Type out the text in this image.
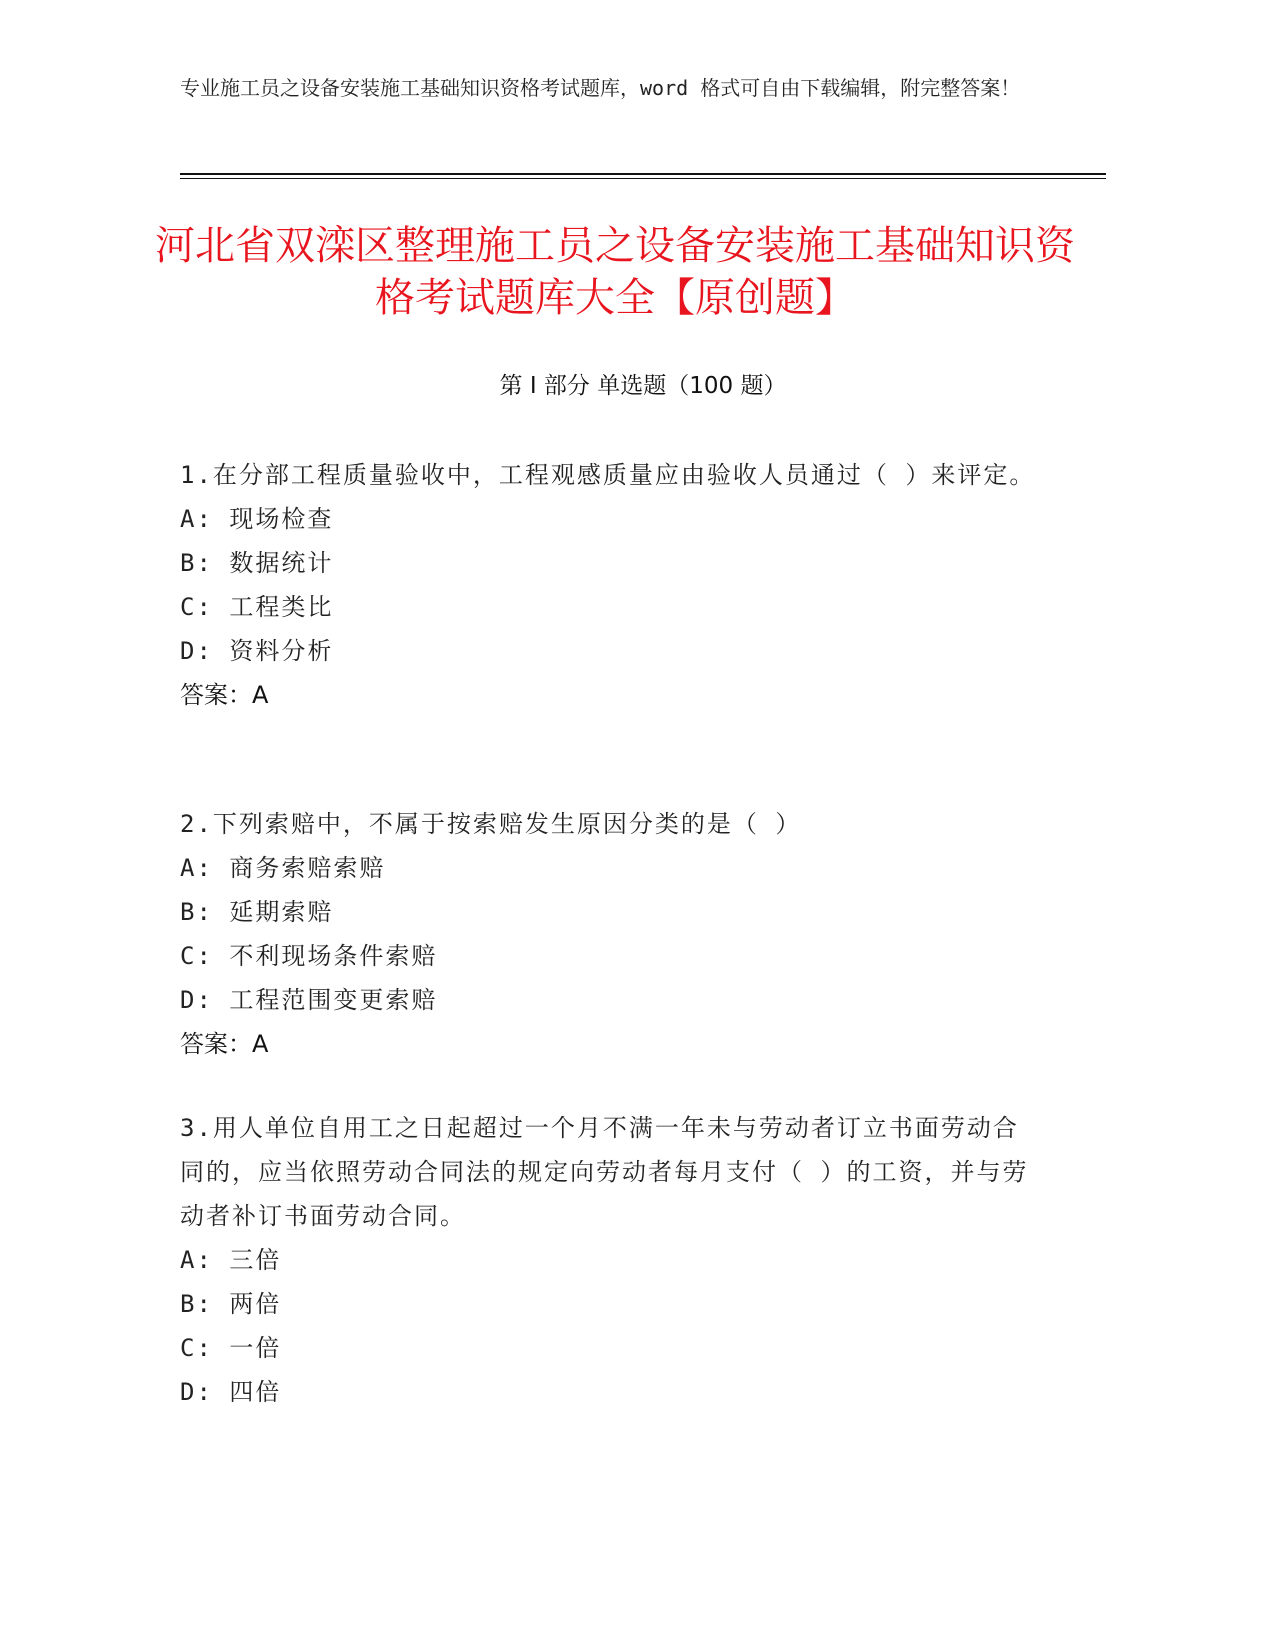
专业施工员之设备安装施工基础知识资格考试题库，word 格式可自由下载编辑，附完整答案！
河北省双滦区整理施工员之设备安装施工基础知识资格考试题库大全【原创题】
第 I 部分 单选题（100 题）
1.在分部工程质量验收中，工程观感质量应由验收人员通过（ ）来评定。
A: 现场检查
B: 数据统计
C: 工程类比
D: 资料分析
答案：A
2.下列索赔中，不属于按索赔发生原因分类的是（ ）
A: 商务索赔索赔
B: 延期索赔
C: 不利现场条件索赔
D: 工程范围变更索赔
答案：A
3.用人单位自用工之日起超过一个月不满一年未与劳动者订立书面劳动合同的，应当依照劳动合同法的规定向劳动者每月支付（ ）的工资，并与劳动者补订书面劳动合同。
A: 三倍
B: 两倍
C: 一倍
D: 四倍
